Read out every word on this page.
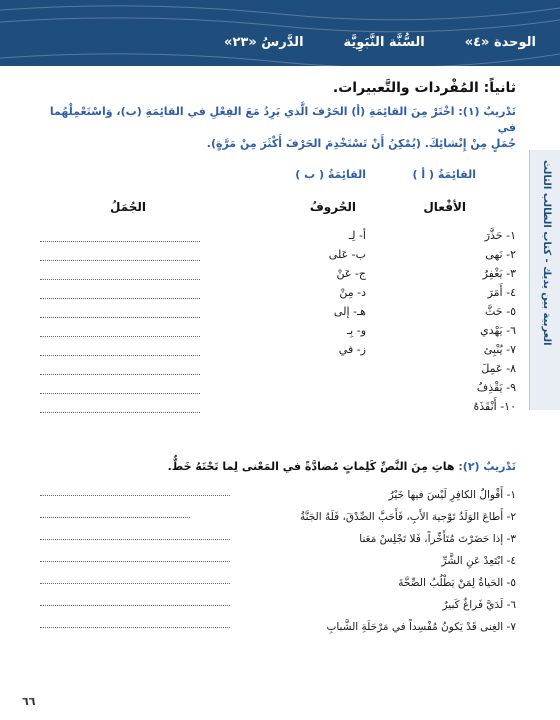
الوحدة «٤»
السُّنَّة النَّبَوِيَّة
الدَّرسُ «٢٣»
العربية بين يديك - كتاب الطالب الثالث
ثانياً: المُفْردات والتَّعبيرات.

تَدْريبٌ (١): اخْتَرْ مِنَ القائِمَةِ (أ) الحَرْفَ الَّذي يَرِدُ مَعَ الفِعْلِ في القائِمَةِ (ب)، وَاسْتَعْمِلْهُما في

جُمَلٍ مِنْ إِنْشائِكَ. (يُمْكِنُ أَنْ تَسْتَخْدِمَ الحَرْفَ أَكْثَرَ مِنْ مَرَّةٍ).

القائِمَةُ ( أ )
القائِمَةُ ( ب )
الأفْعال
الحُروفُ
الجُمَلُ
١- حَذَّرَ
٢- نَهى
٣- يَغْفِرُ
٤- أَمَرَ
٥- حَثَّ
٦- يَهْدي
٧- يُنْبِئ
٨- عَمِلَ
٩- يَقْذِفُ
١٠- أَنْقَذَهُ
أ- لِـ
ب- عَلى
ج- عَنْ
د- مِنْ
هـ- إلى
و- بِـ
ز- في
تَدْريبٌ (٢): هاتِ مِنَ النَّصِّ كَلِماتٍ مُضادَّةً في المَعْنى لِما تَحْتَهُ خَطٌّ.
١- أَقْوالُ الكافِرِ لَيْسَ فيها خَيْرٌ
٢- أَطاعَ الوَلَدُ تَوْجيهَ الأَبِ، فَأَحَبَّ الصِّدْقَ، فَلَهُ الجَنَّةُ
٣- إذا حَضَرْتَ مُتَأَخِّراً، فَلا تَجْلِسْ مَعَنا
٤- ابْتَعِدْ عَنِ الشَّرِّ
٥- الحَياةُ لِمَنْ يَطْلُبُ الصِّحَّةَ
٦- لَدَيَّ فَراغٌ كَبيرٌ
٧- الغِنى قَدْ يَكونُ مُفْسِداً في مَرْحَلَةِ الشَّبابِ
٦٦
